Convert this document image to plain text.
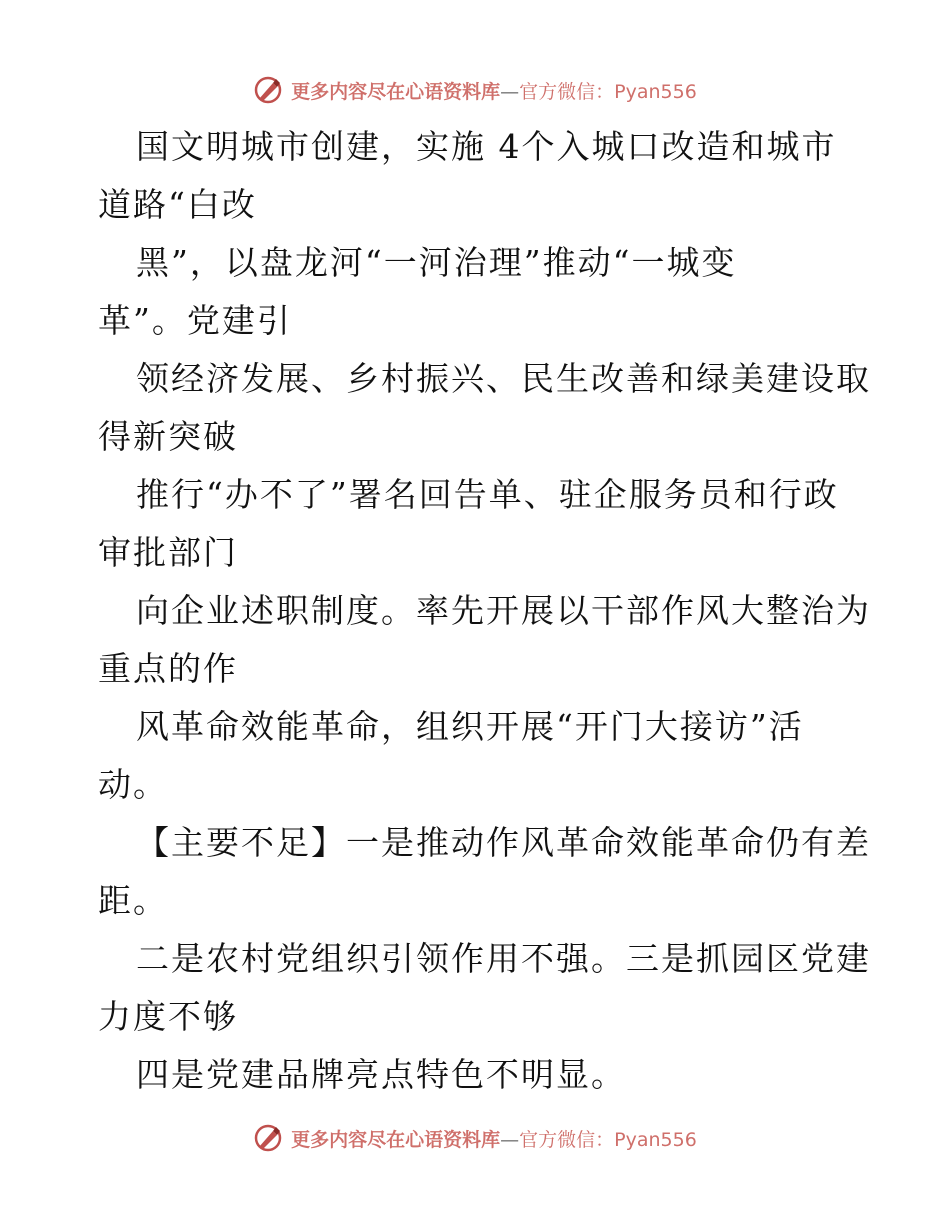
更多内容尽在心语资料库—官方微信：Pyan556
国文明城市创建，实施 4个入城口改造和城市
道路“白改
黑”，以盘龙河“一河治理”推动“一城变
革”。党建引
领经济发展、乡村振兴、民生改善和绿美建设取
得新突破
推行“办不了”署名回告单、驻企服务员和行政
审批部门
向企业述职制度。率先开展以干部作风大整治为
重点的作
风革命效能革命，组织开展“开门大接访”活
动。
【主要不足】一是推动作风革命效能革命仍有差
距。
二是农村党组织引领作用不强。三是抓园区党建
力度不够
四是党建品牌亮点特色不明显。
更多内容尽在心语资料库—官方微信：Pyan556
